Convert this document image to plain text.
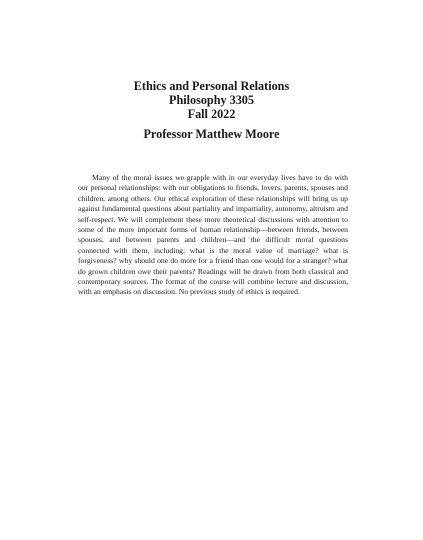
Ethics and Personal Relations

Philosophy 3305

Fall 2022

Professor Matthew Moore

Many of the moral issues we grapple with in our everyday lives have to do with our personal relationships: with our obligations to friends, lovers, parents, spouses and children, among others. Our ethical exploration of these relationships will bring us up against fundamental questions about partiality and impartiality, autonomy, altruism and self-respect. We will complement these more theoretical discussions with attention to some of the more important forms of human relationship—between friends, between spouses, and between parents and children—and the difficult moral questions connected with them, including: what is the moral value of marriage? what is forgiveness? why should one do more for a friend than one would for a stranger? what do grown children owe their parents? Readings will be drawn from both classical and contemporary sources. The format of the course will combine lecture and discussion, with an emphasis on discussion. No previous study of ethics is required.
